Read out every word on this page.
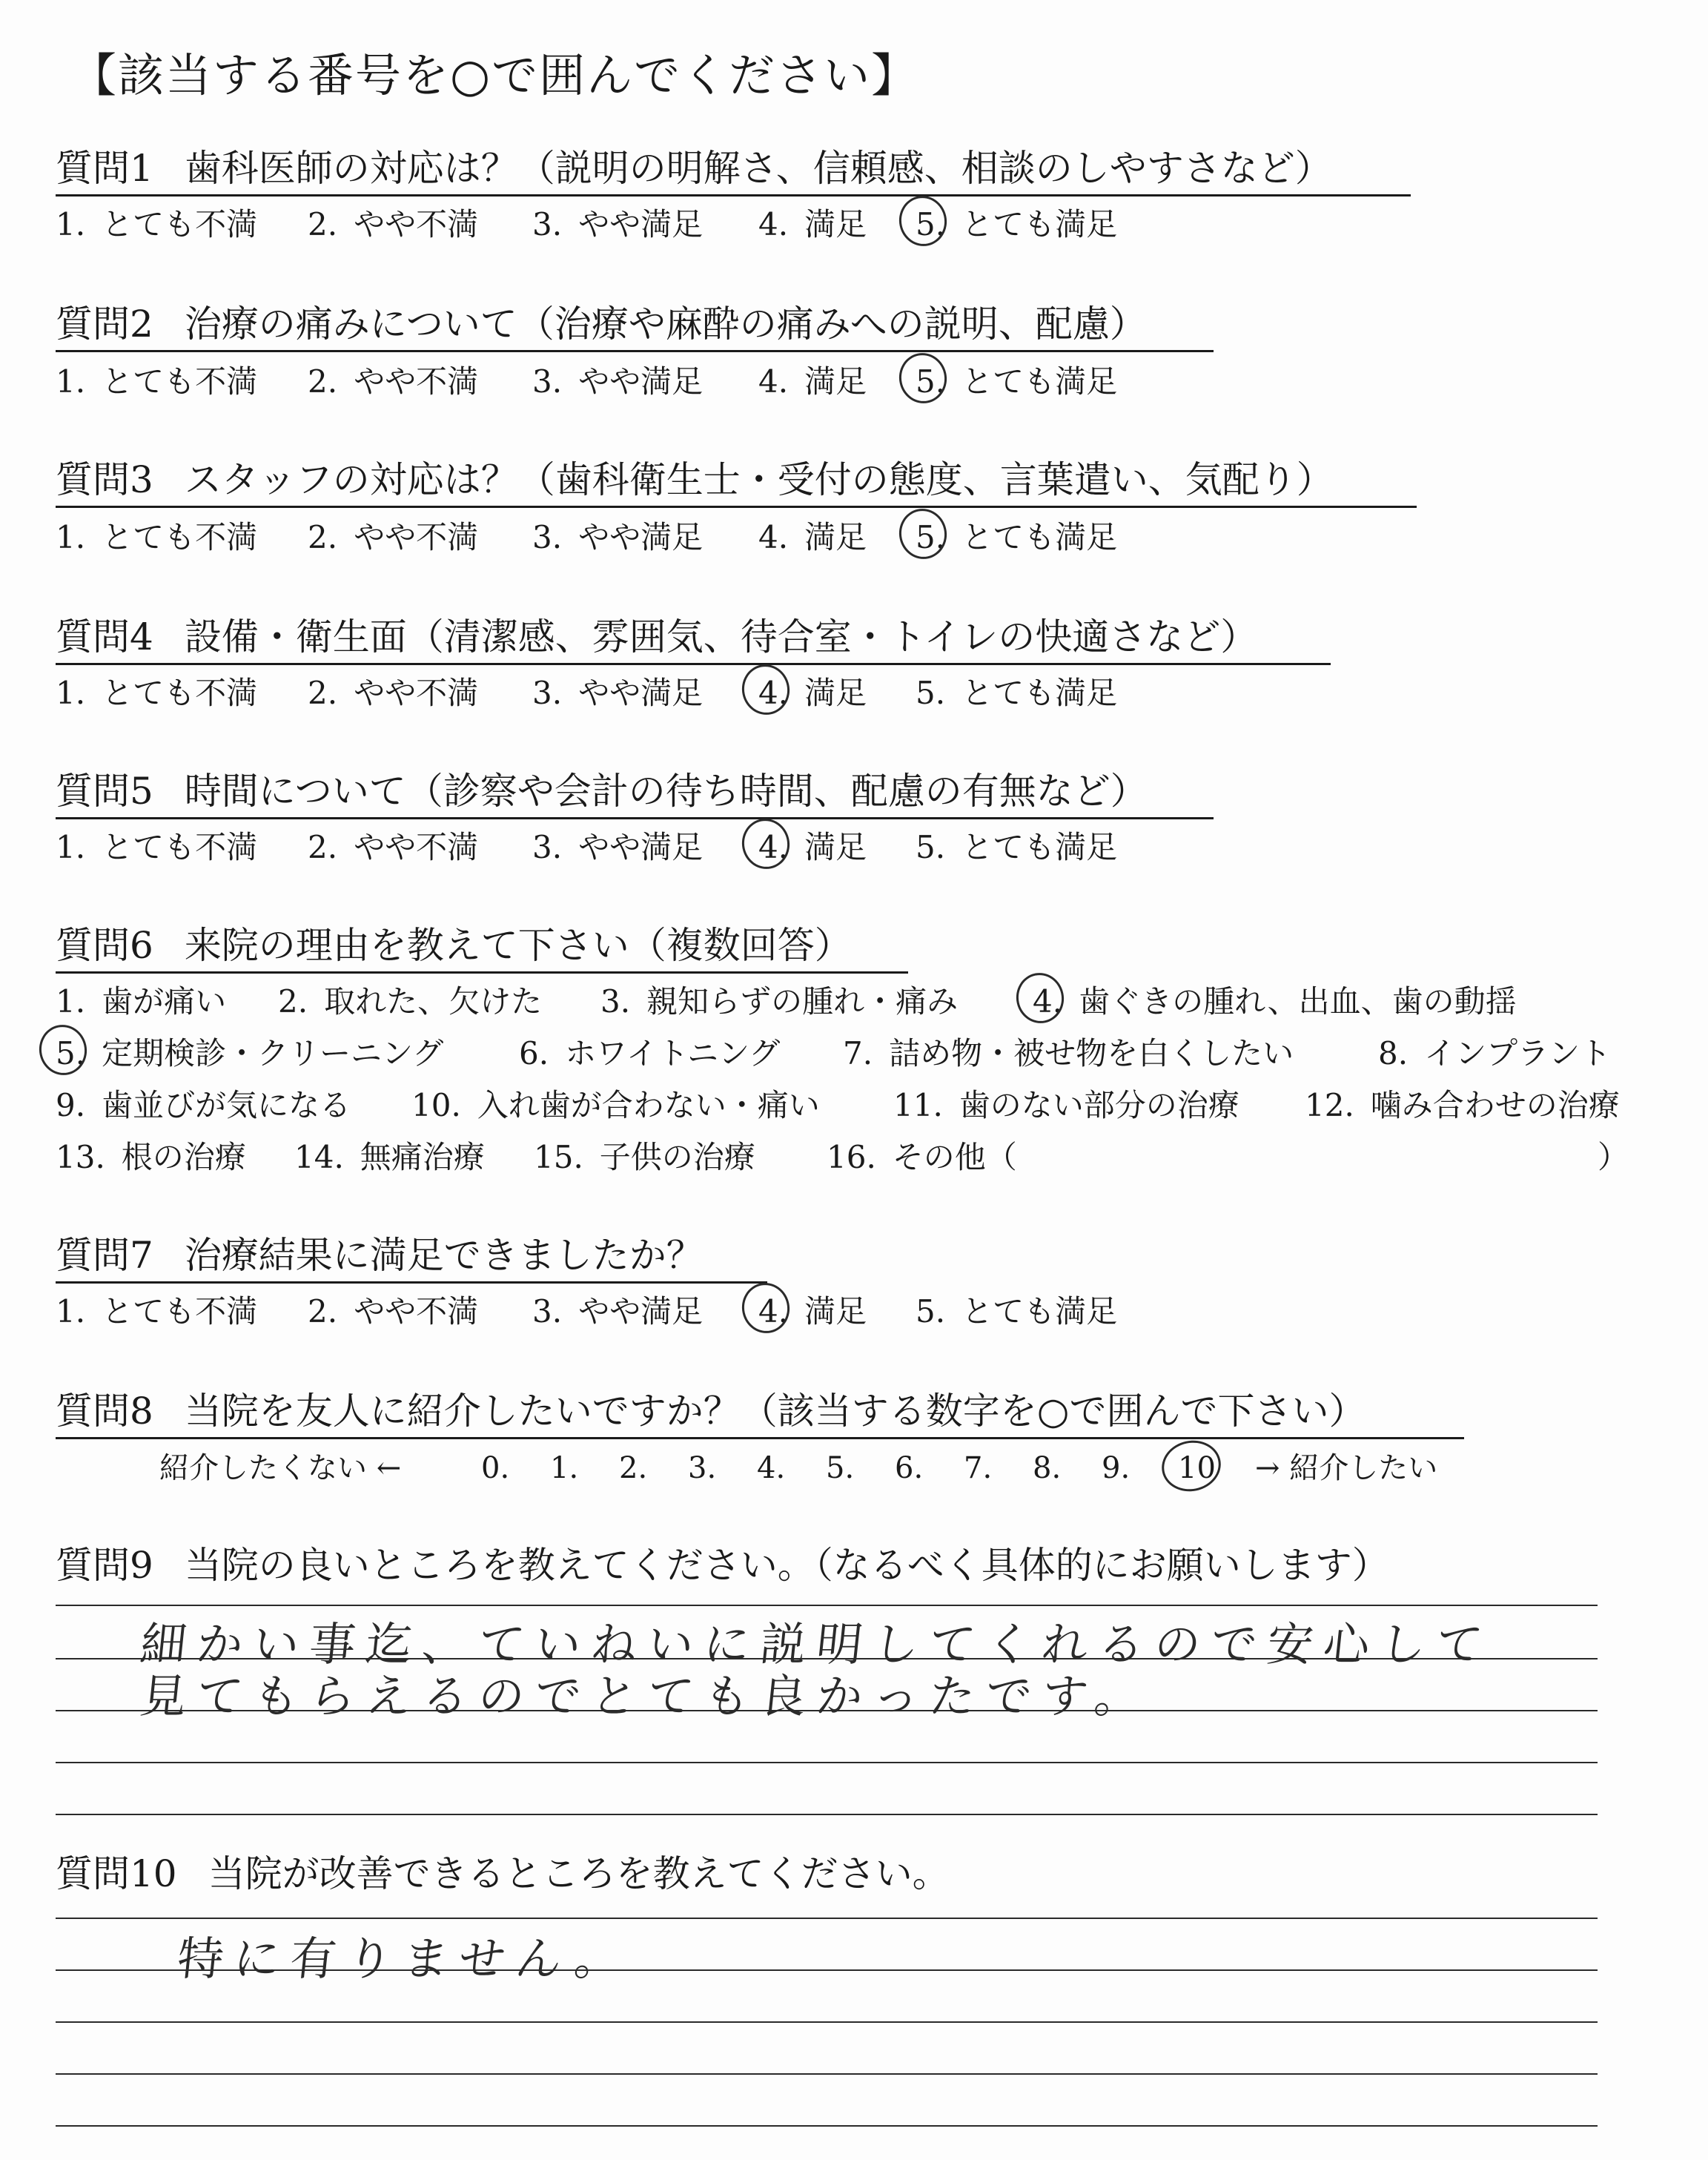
【該当する番号を○で囲んでください】
質問1 歯科医師の対応は？（説明の明解さ、信頼感、相談のしやすさなど）
1. とても不満 2. やや不満 3. やや満足 4. 満足 5. とても満足
質問2 治療の痛みについて（治療や麻酔の痛みへの説明、配慮）
1. とても不満 2. やや不満 3. やや満足 4. 満足 5. とても満足
質問3 スタッフの対応は？（歯科衛生士・受付の態度、言葉遣い、気配り）
1. とても不満 2. やや不満 3. やや満足 4. 満足 5. とても満足
質問4 設備・衛生面（清潔感、雰囲気、待合室・トイレの快適さなど）
1. とても不満 2. やや不満 3. やや満足 4. 満足 5. とても満足
質問5 時間について（診察や会計の待ち時間、配慮の有無など）
1. とても不満 2. やや不満 3. やや満足 4. 満足 5. とても満足
質問6 来院の理由を教えて下さい（複数回答）
1. 歯が痛い 2. 取れた、欠けた 3. 親知らずの腫れ・痛み 4. 歯ぐきの腫れ、出血、歯の動揺
5. 定期検診・クリーニング 6. ホワイトニング 7. 詰め物・被せ物を白くしたい	8. インプラント
9. 歯並びが気になる 10. 入れ歯が合わない・痛い 11. 歯のない部分の治療 12. 噛み合わせの治療
13. 根の治療 14. 無痛治療 15. 子供の治療 16. その他（	）
質問7 治療結果に満足できましたか？
1. とても不満 2. やや不満 3. やや満足 4. 満足 5. とても満足
質問8 当院を友人に紹介したいですか？（該当する数字を○で囲んで下さい）
紹介したくない ←	0. 1. 2. 3. 4. 5. 6. 7. 8. 9. 10 → 紹介したい
質問9 当院の良いところを教えてください。（なるべく具体的にお願いします）
細かい事迄、ていねいに説明してくれるので安心して
見てもらえるのでとても良かったです。
質問10 当院が改善できるところを教えてください。
特に有りません。
